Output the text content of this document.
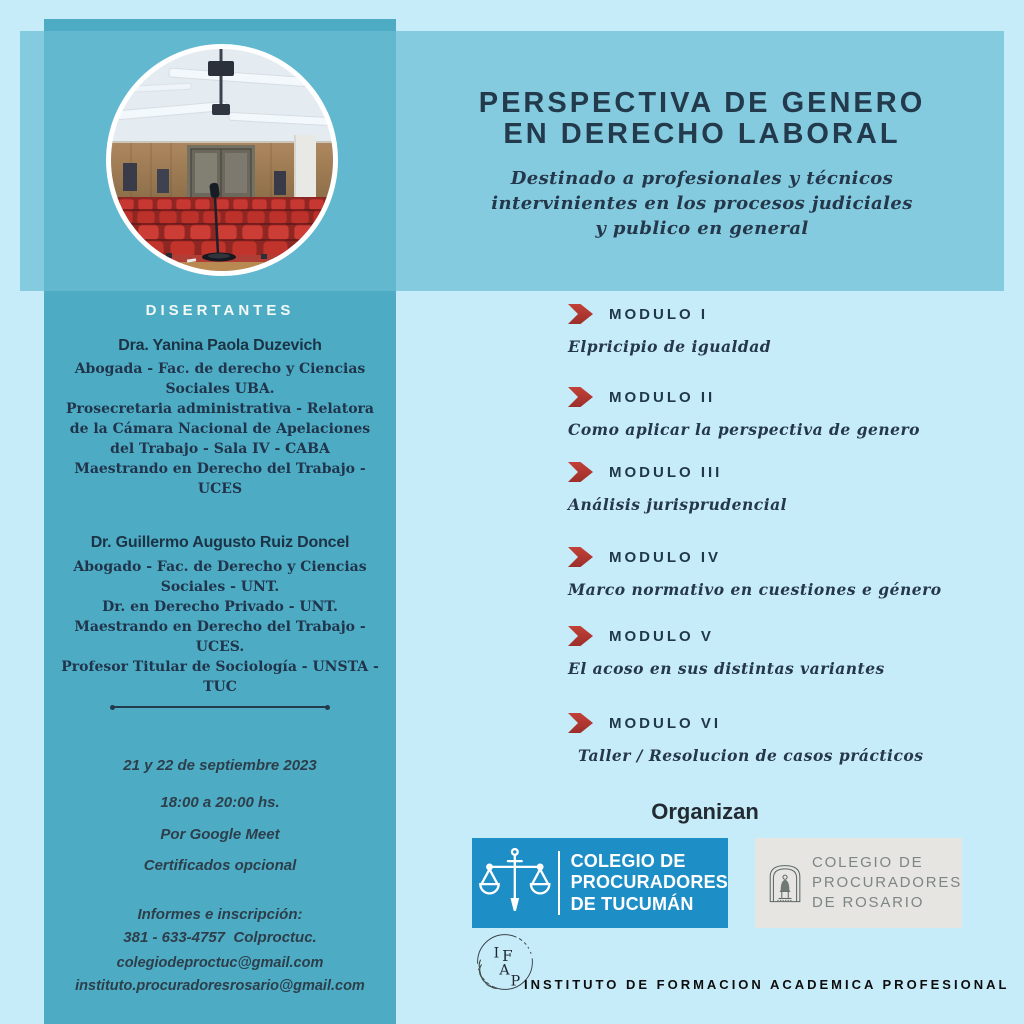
DISERTANTES
Dra. Yanina Paola Duzevich
Abogada - Fac. de derecho y Ciencias Sociales UBA.
Prosecretaria administrativa - Relatora de la Cámara Nacional de Apelaciones del Trabajo - Sala IV - CABA
Maestrando en Derecho del Trabajo - UCES
Dr. Guillermo Augusto Ruiz Doncel
Abogado - Fac. de Derecho y Ciencias Sociales - UNT.
Dr. en Derecho Privado - UNT.
Maestrando en Derecho del Trabajo - UCES.
Profesor Titular de Sociología - UNSTA - TUC
21 y 22 de septiembre 2023
18:00 a 20:00 hs.
Por Google Meet
Certificados opcional
Informes e inscripción:
381 - 633-4757  Colproctuc.
colegiodeproctuc@gmail.com
instituto.procuradoresrosario@gmail.com
PERSPECTIVA DE GENERO
EN DERECHO LABORAL
Destinado a profesionales y técnicos
intervinientes en los procesos judiciales
y publico en general
MODULO I
Elpricipio de igualdad
MODULO II
Como aplicar la perspectiva de genero
MODULO III
Análisis jurisprudencial
MODULO IV
Marco normativo en cuestiones e género
MODULO V
El acoso en sus distintas variantes
MODULO VI
Taller / Resolucion de casos prácticos
Organizan
COLEGIO DE
PROCURADORES
DE TUCUMÁN
COLEGIO DE
PROCURADORES
DE ROSARIO
I F
A
P INSTITUTO DE FORMACION ACADEMICA PROFESIONAL
